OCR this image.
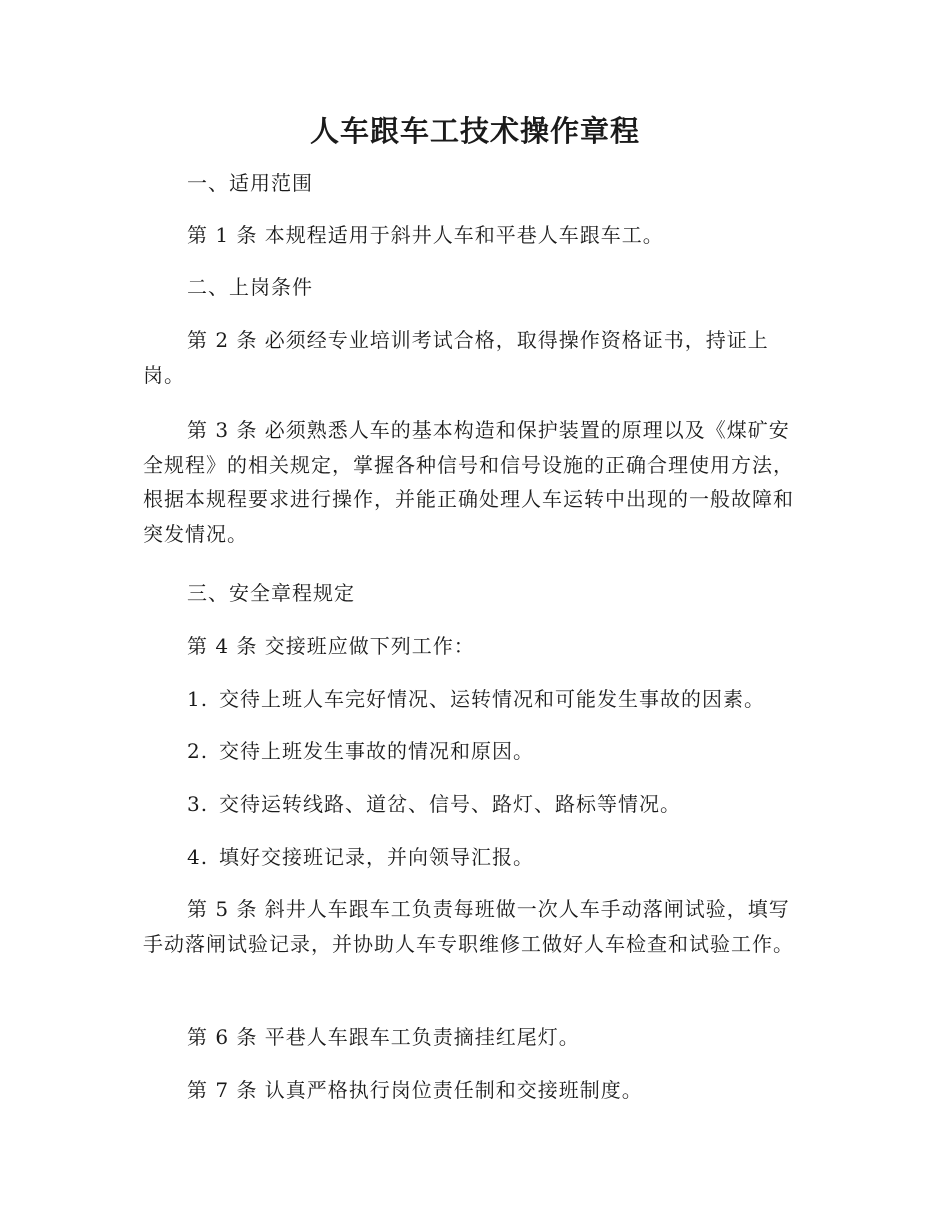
人车跟车工技术操作章程

一、适用范围

第 1 条 本规程适用于斜井人车和平巷人车跟车工。

二、上岗条件

第 2 条 必须经专业培训考试合格，取得操作资格证书，持证上岗。

第 3 条 必须熟悉人车的基本构造和保护装置的原理以及《煤矿安全规程》的相关规定，掌握各种信号和信号设施的正确合理使用方法，根据本规程要求进行操作，并能正确处理人车运转中出现的一般故障和突发情况。

三、安全章程规定

第 4 条 交接班应做下列工作：

1. 交待上班人车完好情况、运转情况和可能发生事故的因素。

2. 交待上班发生事故的情况和原因。

3. 交待运转线路、道岔、信号、路灯、路标等情况。

4. 填好交接班记录，并向领导汇报。

第 5 条 斜井人车跟车工负责每班做一次人车手动落闸试验，填写手动落闸试验记录，并协助人车专职维修工做好人车检查和试验工作。

第 6 条 平巷人车跟车工负责摘挂红尾灯。

第 7 条 认真严格执行岗位责任制和交接班制度。
